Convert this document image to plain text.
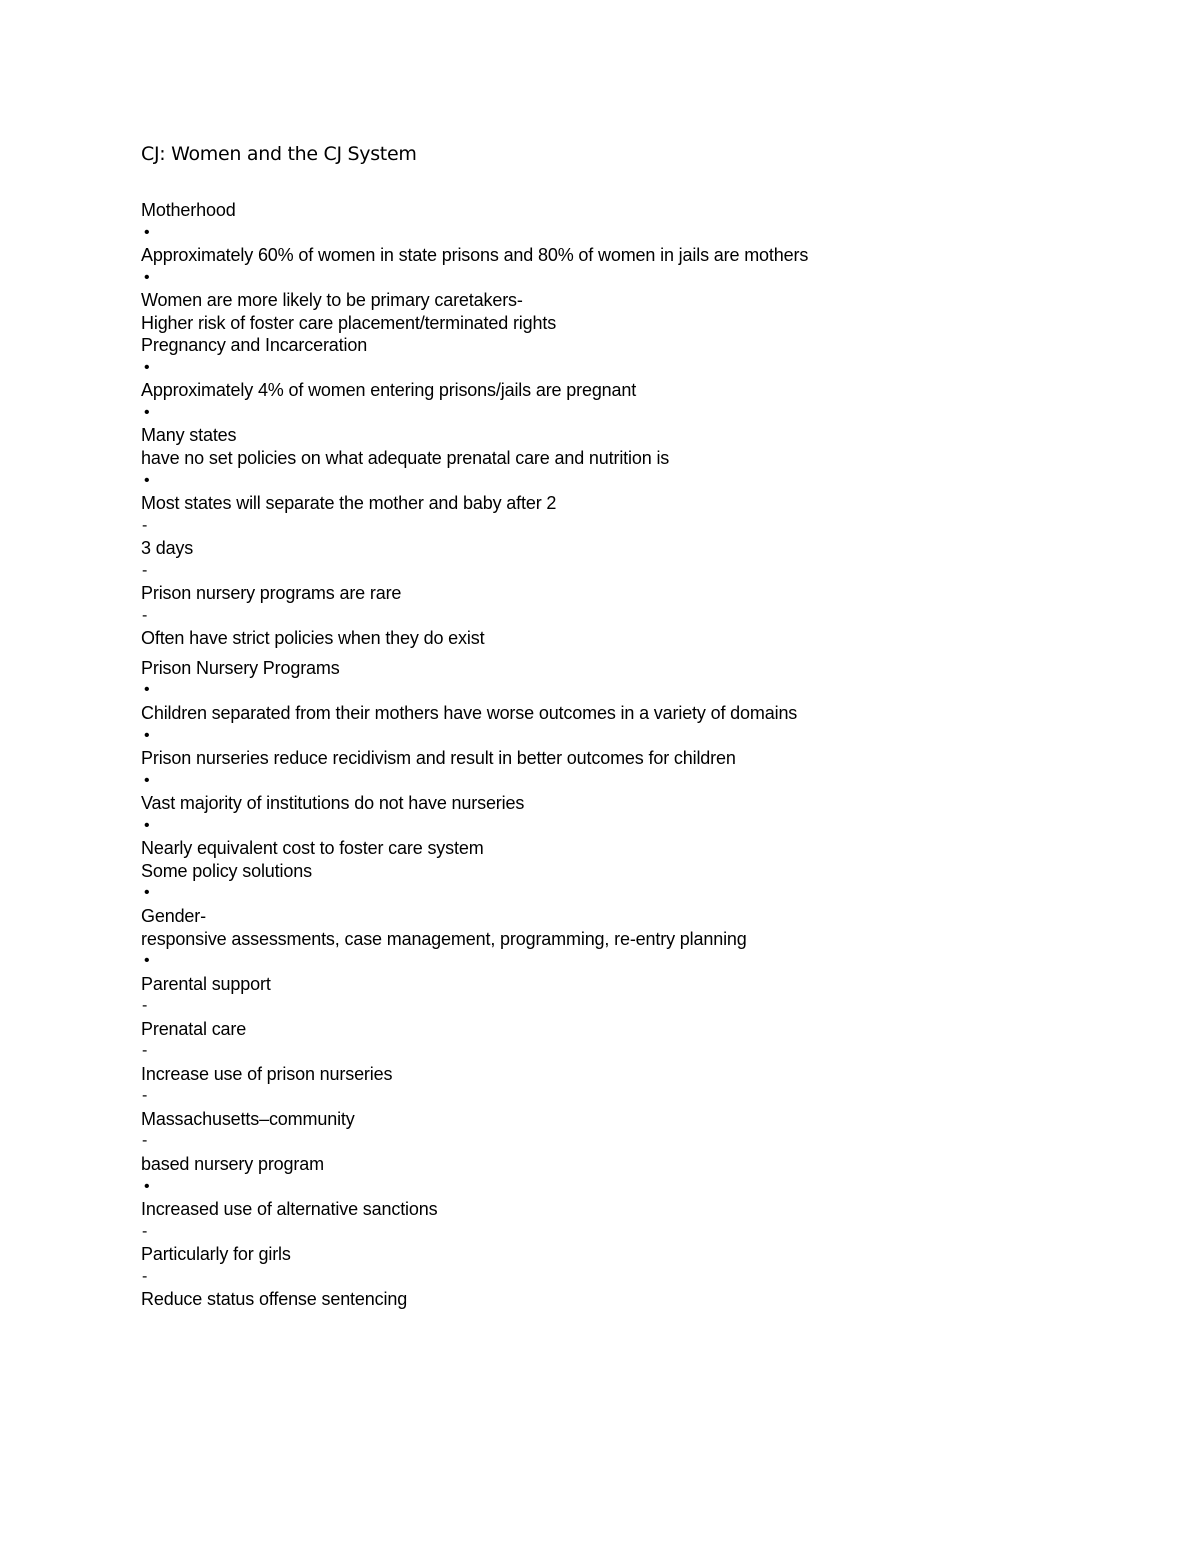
CJ: Women and the CJ System
Motherhood
•
Approximately 60% of women in state prisons and 80% of women in jails are mothers
•
Women are more likely to be primary caretakers-
Higher risk of foster care placement/terminated rights
Pregnancy and Incarceration
•
Approximately 4% of women entering prisons/jails are pregnant
•
Many states
have no set policies on what adequate prenatal care and nutrition is
•
Most states will separate the mother and baby after 2
-
3 days
-
Prison nursery programs are rare
-
Often have strict policies when they do exist
Prison Nursery Programs
•
Children separated from their mothers have worse outcomes in a variety of domains
•
Prison nurseries reduce recidivism and result in better outcomes for children
•
Vast majority of institutions do not have nurseries
•
Nearly equivalent cost to foster care system
Some policy solutions
•
Gender-
responsive assessments, case management, programming, re-entry planning
•
Parental support
-
Prenatal care
-
Increase use of prison nurseries
-
Massachusetts–community
-
based nursery program
•
Increased use of alternative sanctions
-
Particularly for girls
-
Reduce status offense sentencing
